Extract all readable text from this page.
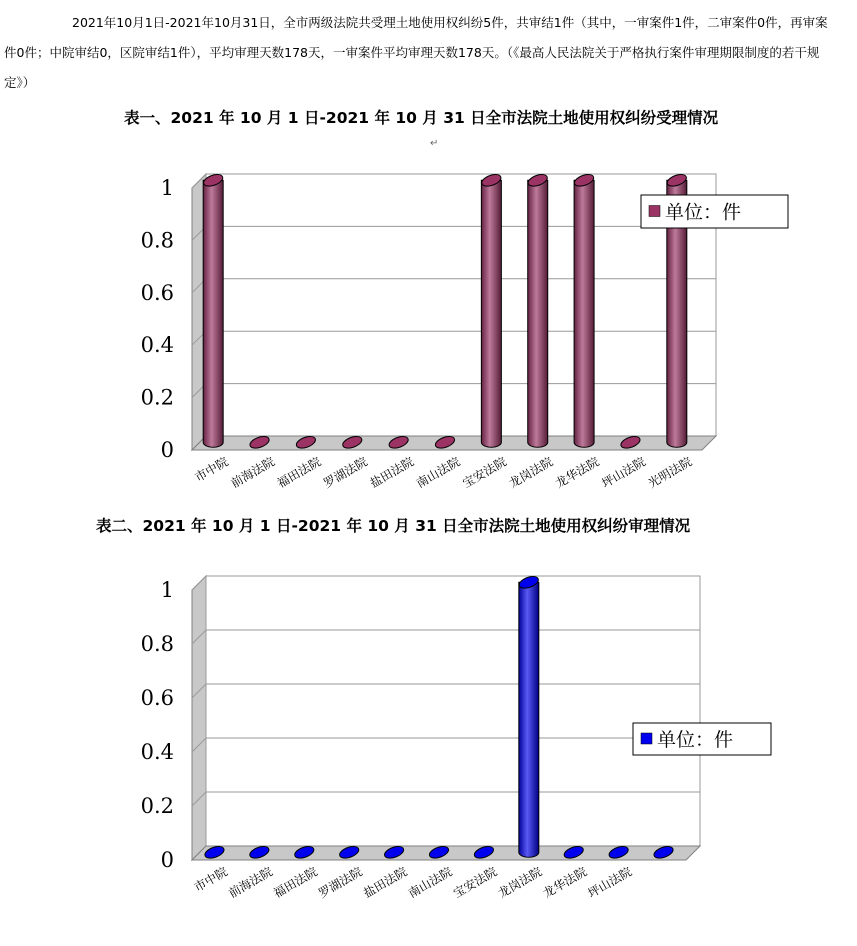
2021年10月1日-2021年10月31日，全市两级法院共受理土地使用权纠纷5件，共审结1件（其中，一审案件1件，二审案件0件，再审案件0件；中院审结0，区院审结1件），平均审理天数178天，一审案件平均审理天数178天。（《最高人民法院关于严格执行案件审理期限制度的若干规定》）

表一、2021 年 10 月 1 日-2021 年 10 月 31 日全市法院土地使用权纠纷受理情况
↵
0
0.2
0.4
0.6
0.8
1
市中院
前海法院
福田法院
罗湖法院
盐田法院
南山法院
宝安法院
龙岗法院
龙华法院
坪山法院
光明法院
单位：件
表二、2021 年 10 月 1 日-2021 年 10 月 31 日全市法院土地使用权纠纷审理情况
0
0.2
0.4
0.6
0.8
1
市中院
前海法院
福田法院
罗湖法院
盐田法院
南山法院
宝安法院
龙岗法院
龙华法院
坪山法院
单位：件
